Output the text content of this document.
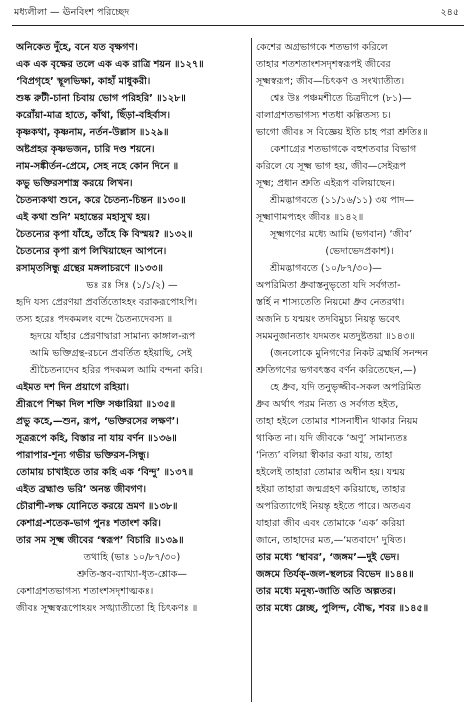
মধ্যলীলা — ঊনবিংশ পরিচ্ছেদ	২৪৫
অনিকেত দুঁহে, বনে যত বৃক্ষগণ।
এক এক বৃক্ষের তলে এক এক রাত্রি শয়ন ॥১২৭॥
‘বিপ্রগৃহে’ স্থূলভিক্ষা, কাহাঁ মাধুকরী।
শুষ্ক রুটী-চানা চিবায় ভোগ পরিহরি’ ॥১২৮॥
করোঁয়া-মাত্র হাতে, কাঁথা, ছিঁড়া-বহির্বাস।
কৃষ্ণকথা, কৃষ্ণনাম, নর্তন-উল্লাস ॥১২৯॥
অষ্টপ্রহর কৃষ্ণভজন, চারি দণ্ড শয়নে।
নাম-সঙ্কীর্তন-প্রেমে, সেহ নহে কোন দিনে ॥
কভু ভক্তিরসশাস্ত্র করয়ে লিখন।
চৈতন্যকথা শুনে, করে চৈতন্য-চিন্তন ॥১৩০॥
এই কথা শুনি’ মহান্তের মহাসুখ হয়।
চৈতন্যের কৃপা যাঁহে, তাঁহে কি বিস্ময়? ॥১৩২॥
চৈতন্যের কৃপা রূপ লিখিয়াছেন আপনে।
রসামৃতসিন্ধু গ্রন্থের মঙ্গলাচরণে ॥১৩৩॥
ভঃ রঃ সিঃ (১/১/২) —
হৃদি যস্য প্রেরণয়া প্রবর্তিতোঽহং বরাকরূপোঽপি।
তস্য হরেঃ পদকমলং বন্দে চৈতন্যদেবস্য ॥
হৃদয়ে যাঁহার প্রেরণাদ্বারা সামান্য কাঙ্গাল-রূপ
আমি ভক্তিগ্রন্থ-রচনে প্রবর্তিত হইয়াছি, সেই
শ্রীচৈতন্যদেব হরির পদকমল আমি বন্দনা করি।
এইমত দশ দিন প্রয়াগে রহিয়া।
শ্রীরূপে শিক্ষা দিল শক্তি সঞ্চারিয়া ॥১৩৫॥
প্রভু কহে,—শুন, রূপ, ‘ভক্তিরসের লক্ষণ’।
সূত্ররূপে কহি, বিস্তার না যায় বর্ণন ॥১৩৬॥
পারাপার-শূন্য গভীর ভক্তিরস-সিন্ধু।
তোমায় চাখাইতে তার কহি এক ‘বিন্দু’ ॥১৩৭॥
এইত ব্রহ্মাণ্ড ভরি’ অনন্ত জীবগণ।
চৌরাশী-লক্ষ যোনিতে করয়ে ভ্রমণ ॥১৩৮॥
কেশাগ্র-শতেক-ভাগ পুনঃ শতাংশ করি।
তার সম সূক্ষ্ম জীবের ‘স্বরূপ’ বিচারি ॥১৩৯॥
তথাহি (ভাঃ ১০/৮৭/৩০)
শ্রুতি-স্তব-ব্যাখ্যা-ধৃত-শ্লোক—
কেশাগ্রশতভাগস্য শতাংশসদৃশাত্মকঃ।
জীবঃ সূক্ষ্মস্বরূপোঽয়ং সঙ্খ্যাতীতো হি চিৎকণঃ ॥
কেশের অগ্রভাগকে শতভাগ করিলে
তাহার শতশতাংশসদৃশস্বরূপই জীবের
সূক্ষ্মস্বরূপ; জীব—চিৎকণ ও সংখ্যাতীত।
শ্বেঃ উঃ পঞ্চমশীতে চিত্রদীপে (৮১)—
বালাগ্রশতভাগস্য শতধা কল্পিতস্য চ।
ভাগো জীবঃ স বিজ্ঞেয় ইতি চাহ পরা শ্রুতিঃ॥
কেশাগ্রের শতভাগকে বহুশতবার বিভাগ
করিলে যে সূক্ষ্ম ভাগ হয়, জীব—সেইরূপ
সূক্ষ্ম; প্রধান শ্রুতি এইরূপ বলিয়াছেন।
শ্রীমদ্ভাগবতে (১১/১৬/১১) ৩য় পাদ—
সূক্ষ্মাণামপ্যহং জীবঃ ॥১৪২॥
সূক্ষ্মগণের মধ্যে আমি (ভগবান) ‘জীব’
(ভেদাভেদপ্রকাশ)।
শ্রীমদ্ভাগবতে (১০/৮৭/৩০)—
অপরিমিতা ধ্রুবাস্তনুভৃতো যদি সর্বগতা-
স্তর্হি ন শাস্যতেতি নিয়মো ধ্রুব নেতরথা।
অজনি চ যন্ময়ং তদবিমুচ্য নিয়ন্তৃ ভবেৎ
সমমনুজানতাং যদমতং মতদুষ্টতয়া ॥১৪৩॥
(জনলোকে মুনিগণের নিকট ব্রহ্মর্ষি সনন্দন
শ্রুতিগণের ভগবৎস্তব বর্ণন করিতেছেন,—)
হে ধ্রুব, যদি তনুভৃজ্জীব-সকল অপরিমিত
ধ্রুব অর্থাৎ পরম নিত্য ও সর্বগত হইত,
তাহা হইলে তোমার শাসনাধীন থাকার নিয়ম
থাকিত না। যদি জীবকে ‘অণু’ সামান্যতঃ
‘নিত্য’ বলিয়া স্বীকার করা যায়, তাহা
হইলেই তাহারা তোমার অধীন হয়। যন্ময়
হইয়া তাহারা জন্মগ্রহণ করিয়াছে, তাহার
অপরিত্যাগেই নিয়ন্তৃ হইতে পারে। অতএব
যাহারা জীব এবং তোমাকে ‘এক’ করিয়া
জানে, তাহাদের মত,—‘মতবাদে’ দুষিত।
তার মধ্যে ‘স্থাবর’, ‘জঙ্গম’—দুই ভেদ।
জঙ্গমে তির্যক্-জল-স্থলচর বিভেদ ॥১৪৪॥
তার মধ্যে মনুষ্য-জাতি অতি অল্পতর।
তার মধ্যে ম্লেচ্ছ, পুলিন্দ, বৌদ্ধ, শবর ॥১৪৫॥
